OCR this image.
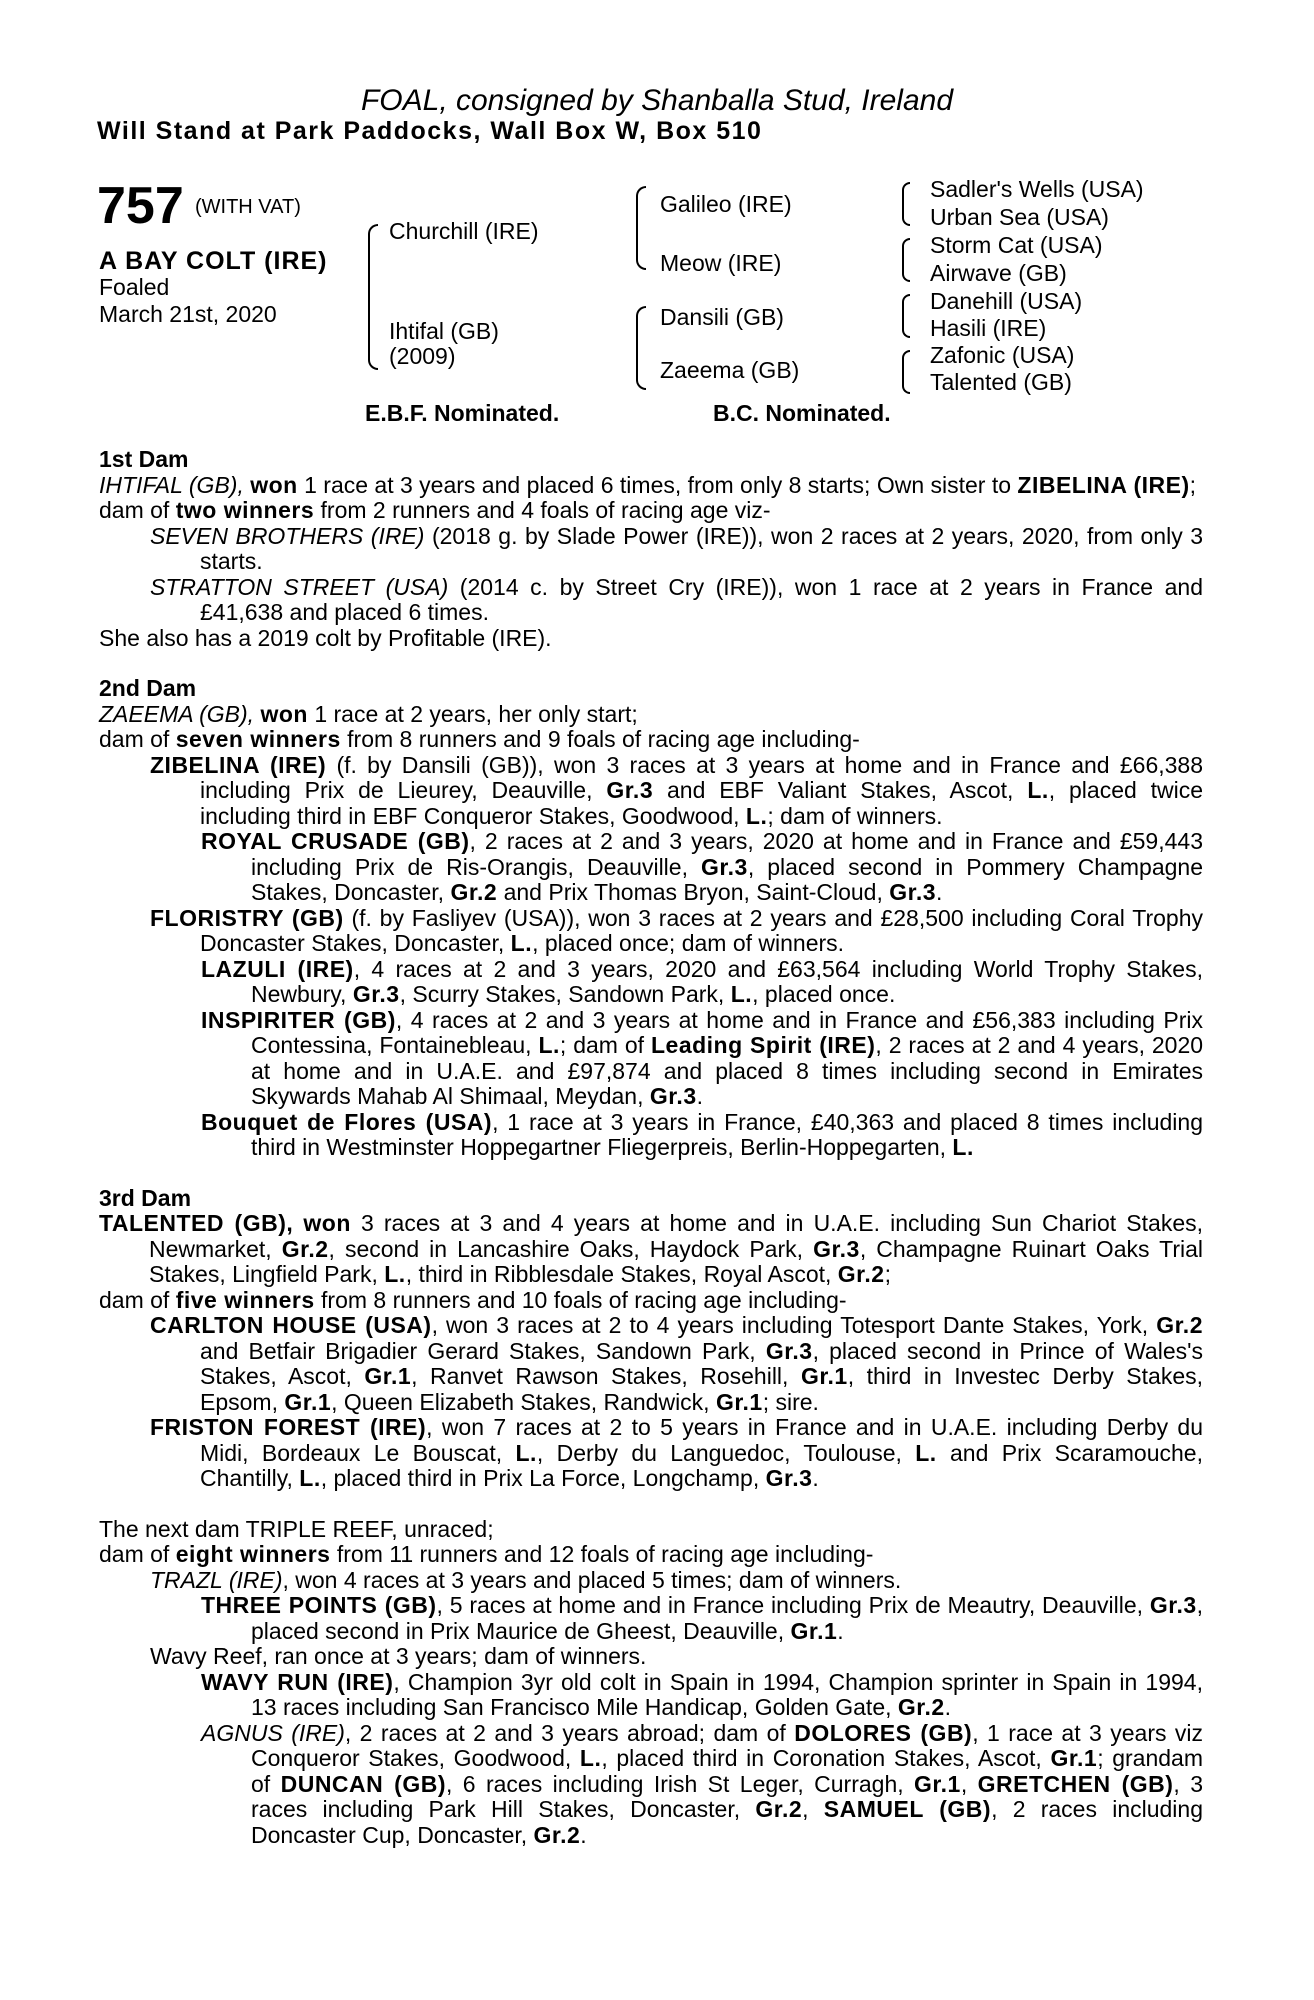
FOAL, consigned by Shanballa Stud, Ireland
Will Stand at Park Paddocks, Wall Box W, Box 510
757 (WITH VAT)
A BAY COLT (IRE)
Foaled
March 21st, 2020
Churchill (IRE)
Ihtifal (GB)
(2009)
Galileo (IRE)
Meow (IRE)
Dansili (GB)
Zaeema (GB)
Sadler's Wells (USA)
Urban Sea (USA)
Storm Cat (USA)
Airwave (GB)
Danehill (USA)
Hasili (IRE)
Zafonic (USA)
Talented (GB)
E.B.F. Nominated.	B.C. Nominated.
1st Dam

IHTIFAL (GB), won 1 race at 3 years and placed 6 times, from only 8 starts; Own sister to ZIBELINA (IRE);

dam of two winners from 2 runners and 4 foals of racing age viz-

SEVEN BROTHERS (IRE) (2018 g. by Slade Power (IRE)), won 2 races at 2 years, 2020, from only 3 starts.

STRATTON STREET (USA) (2014 c. by Street Cry (IRE)), won 1 race at 2 years in France and £41,638 and placed 6 times.

She also has a 2019 colt by Profitable (IRE).

2nd Dam

ZAEEMA (GB), won 1 race at 2 years, her only start;

dam of seven winners from 8 runners and 9 foals of racing age including-

ZIBELINA (IRE) (f. by Dansili (GB)), won 3 races at 3 years at home and in France and £66,388 including Prix de Lieurey, Deauville, Gr.3 and EBF Valiant Stakes, Ascot, L., placed twice including third in EBF Conqueror Stakes, Goodwood, L.; dam of winners.

ROYAL CRUSADE (GB), 2 races at 2 and 3 years, 2020 at home and in France and £59,443 including Prix de Ris-Orangis, Deauville, Gr.3, placed second in Pommery Champagne Stakes, Doncaster, Gr.2 and Prix Thomas Bryon, Saint-Cloud, Gr.3.

FLORISTRY (GB) (f. by Fasliyev (USA)), won 3 races at 2 years and £28,500 including Coral Trophy Doncaster Stakes, Doncaster, L., placed once; dam of winners.

LAZULI (IRE), 4 races at 2 and 3 years, 2020 and £63,564 including World Trophy Stakes, Newbury, Gr.3, Scurry Stakes, Sandown Park, L., placed once.

INSPIRITER (GB), 4 races at 2 and 3 years at home and in France and £56,383 including Prix Contessina, Fontainebleau, L.; dam of Leading Spirit (IRE), 2 races at 2 and 4 years, 2020 at home and in U.A.E. and £97,874 and placed 8 times including second in Emirates Skywards Mahab Al Shimaal, Meydan, Gr.3.

Bouquet de Flores (USA), 1 race at 3 years in France, £40,363 and placed 8 times including third in Westminster Hoppegartner Fliegerpreis, Berlin-Hoppegarten, L.

3rd Dam

TALENTED (GB), won 3 races at 3 and 4 years at home and in U.A.E. including Sun Chariot Stakes, Newmarket, Gr.2, second in Lancashire Oaks, Haydock Park, Gr.3, Champagne Ruinart Oaks Trial Stakes, Lingfield Park, L., third in Ribblesdale Stakes, Royal Ascot, Gr.2;

dam of five winners from 8 runners and 10 foals of racing age including-

CARLTON HOUSE (USA), won 3 races at 2 to 4 years including Totesport Dante Stakes, York, Gr.2 and Betfair Brigadier Gerard Stakes, Sandown Park, Gr.3, placed second in Prince of Wales's Stakes, Ascot, Gr.1, Ranvet Rawson Stakes, Rosehill, Gr.1, third in Investec Derby Stakes, Epsom, Gr.1, Queen Elizabeth Stakes, Randwick, Gr.1; sire.

FRISTON FOREST (IRE), won 7 races at 2 to 5 years in France and in U.A.E. including Derby du Midi, Bordeaux Le Bouscat, L., Derby du Languedoc, Toulouse, L. and Prix Scaramouche, Chantilly, L., placed third in Prix La Force, Longchamp, Gr.3.

The next dam TRIPLE REEF, unraced;

dam of eight winners from 11 runners and 12 foals of racing age including-

TRAZL (IRE), won 4 races at 3 years and placed 5 times; dam of winners.

THREE POINTS (GB), 5 races at home and in France including Prix de Meautry, Deauville, Gr.3, placed second in Prix Maurice de Gheest, Deauville, Gr.1.

Wavy Reef, ran once at 3 years; dam of winners.

WAVY RUN (IRE), Champion 3yr old colt in Spain in 1994, Champion sprinter in Spain in 1994, 13 races including San Francisco Mile Handicap, Golden Gate, Gr.2.

AGNUS (IRE), 2 races at 2 and 3 years abroad; dam of DOLORES (GB), 1 race at 3 years viz Conqueror Stakes, Goodwood, L., placed third in Coronation Stakes, Ascot, Gr.1; grandam of DUNCAN (GB), 6 races including Irish St Leger, Curragh, Gr.1, GRETCHEN (GB), 3 races including Park Hill Stakes, Doncaster, Gr.2, SAMUEL (GB), 2 races including Doncaster Cup, Doncaster, Gr.2.
